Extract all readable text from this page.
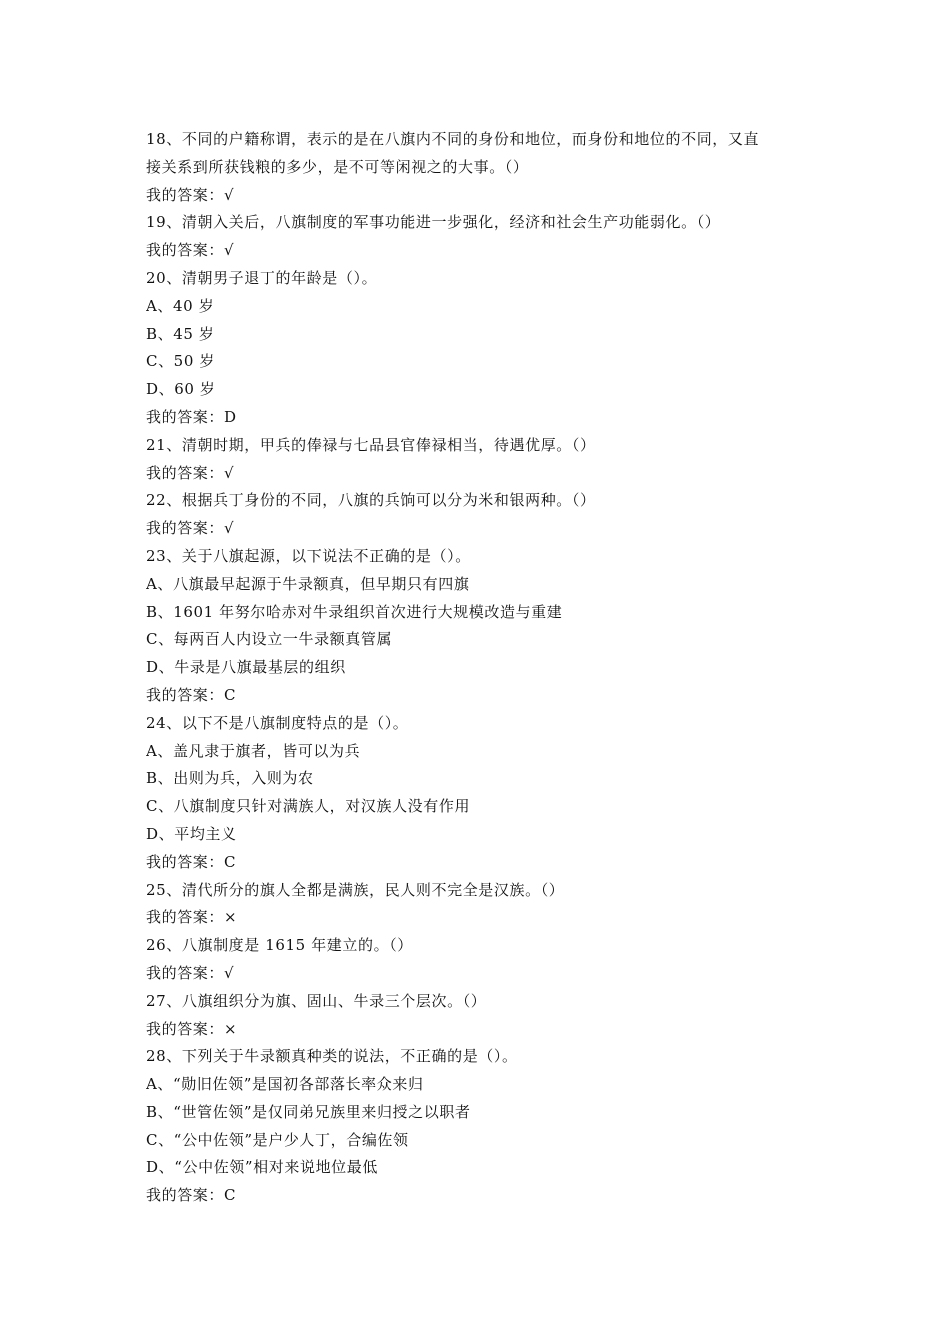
18、不同的户籍称谓，表示的是在八旗内不同的身份和地位，而身份和地位的不同，又直
接关系到所获钱粮的多少，是不可等闲视之的大事。（）
我的答案：√
19、清朝入关后，八旗制度的军事功能进一步强化，经济和社会生产功能弱化。（）
我的答案：√
20、清朝男子退丁的年龄是（）。
A、40 岁
B、45 岁
C、50 岁
D、60 岁
我的答案：D
21、清朝时期，甲兵的俸禄与七品县官俸禄相当，待遇优厚。（）
我的答案：√
22、根据兵丁身份的不同，八旗的兵饷可以分为米和银两种。（）
我的答案：√
23、关于八旗起源，以下说法不正确的是（）。
A、八旗最早起源于牛录额真，但早期只有四旗
B、1601 年努尔哈赤对牛录组织首次进行大规模改造与重建
C、每两百人内设立一牛录额真管属
D、牛录是八旗最基层的组织
我的答案：C
24、以下不是八旗制度特点的是（）。
A、盖凡隶于旗者，皆可以为兵
B、出则为兵，入则为农
C、八旗制度只针对满族人，对汉族人没有作用
D、平均主义
我的答案：C
25、清代所分的旗人全都是满族，民人则不完全是汉族。（）
我的答案：×
26、八旗制度是 1615 年建立的。（）
我的答案：√
27、八旗组织分为旗、固山、牛录三个层次。（）
我的答案：×
28、下列关于牛录额真种类的说法，不正确的是（）。
A、“勋旧佐领”是国初各部落长率众来归
B、“世管佐领”是仅同弟兄族里来归授之以职者
C、“公中佐领”是户少人丁，合编佐领
D、“公中佐领”相对来说地位最低
我的答案：C
